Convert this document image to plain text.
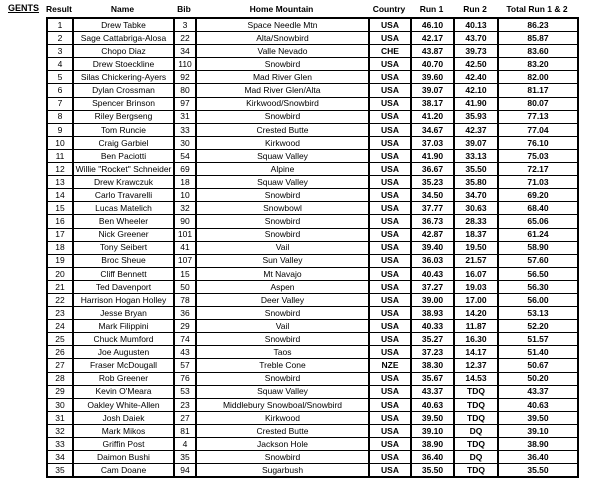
GENTS Result	Name	Bib	Home Mountain	Country	Run 1	Run 2	Total Run 1 & 2
1	Drew Tabke	3	Space Needle Mtn	USA	46.10	40.13	86.23
2	Sage Cattabriga-Alosa	22	Alta/Snowbird	USA	42.17	43.70	85.87
3	Chopo Diaz	34	Valle Nevado	CHE	43.87	39.73	83.60
4	Drew Stoeckline	110	Snowbird	USA	40.70	42.50	83.20
5	Silas Chickering-Ayers	92	Mad River Glen	USA	39.60	42.40	82.00
6	Dylan Crossman	80	Mad River Glen/Alta	USA	39.07	42.10	81.17
7	Spencer Brinson	97	Kirkwood/Snowbird	USA	38.17	41.90	80.07
8	Riley Bergseng	31	Snowbird	USA	41.20	35.93	77.13
9	Tom Runcie	33	Crested Butte	USA	34.67	42.37	77.04
10	Craig Garbiel	30	Kirkwood	USA	37.03	39.07	76.10
11	Ben Paciotti	54	Squaw Valley	USA	41.90	33.13	75.03
12	Willie "Rocket" Schneider	69	Alpine	USA	36.67	35.50	72.17
13	Drew Krawczuk	18	Squaw Valley	USA	35.23	35.80	71.03
14	Carlo Travarelli	10	Snowbird	USA	34.50	34.70	69.20
15	Lucas Matelich	32	Snowbowl	USA	37.77	30.63	68.40
16	Ben Wheeler	90	Snowbird	USA	36.73	28.33	65.06
17	Nick Greener	101	Snowbird	USA	42.87	18.37	61.24
18	Tony Seibert	41	Vail	USA	39.40	19.50	58.90
19	Broc Sheue	107	Sun Valley	USA	36.03	21.57	57.60
20	Cliff Bennett	15	Mt Navajo	USA	40.43	16.07	56.50
21	Ted Davenport	50	Aspen	USA	37.27	19.03	56.30
22	Harrison Hogan Holley	78	Deer Valley	USA	39.00	17.00	56.00
23	Jesse Bryan	36	Snowbird	USA	38.93	14.20	53.13
24	Mark Filippini	29	Vail	USA	40.33	11.87	52.20
25	Chuck Mumford	74	Snowbird	USA	35.27	16.30	51.57
26	Joe Augusten	43	Taos	USA	37.23	14.17	51.40
27	Fraser McDougall	57	Treble Cone	NZE	38.30	12.37	50.67
28	Rob Greener	76	Snowbird	USA	35.67	14.53	50.20
29	Kevin O'Meara	53	Squaw Valley	USA	43.37	TDQ	43.37
30	Oakley White-Allen	23	Middlebury Snowboal/Snowbird	USA	40.63	TDQ	40.63
31	Josh Daiek	27	Kirkwood	USA	39.50	TDQ	39.50
32	Mark Mikos	81	Crested Butte	USA	39.10	DQ	39.10
33	Griffin Post	4	Jackson Hole	USA	38.90	TDQ	38.90
34	Daimon Bushi	35	Snowbird	USA	36.40	DQ	36.40
35	Cam Doane	94	Sugarbush	USA	35.50	TDQ	35.50
